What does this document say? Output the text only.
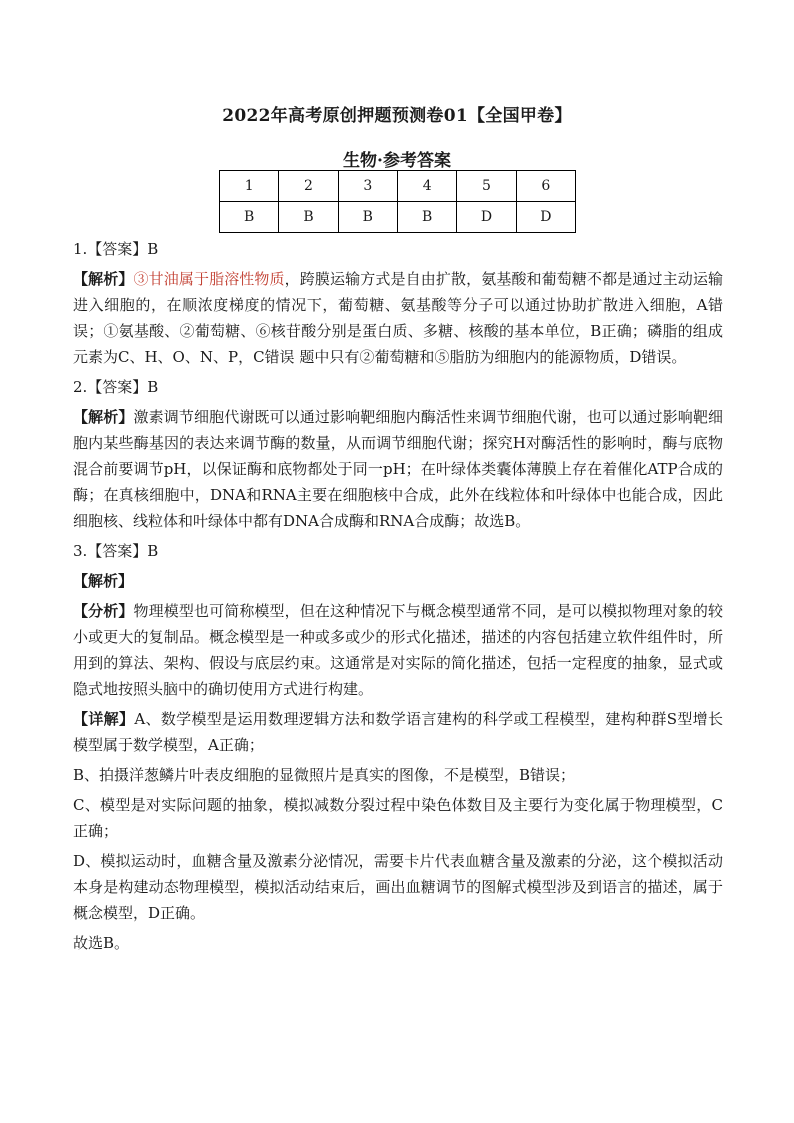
2022年高考原创押题预测卷01【全国甲卷】
生物·参考答案
1	2	3	4	5	6
B	B	B	B	D	D

1.【答案】B

【解析】③甘油属于脂溶性物质，跨膜运输方式是自由扩散，氨基酸和葡萄糖不都是通过主动运输进入细胞的，在顺浓度梯度的情况下，葡萄糖、氨基酸等分子可以通过协助扩散进入细胞，A错误；①氨基酸、②葡萄糖、⑥核苷酸分别是蛋白质、多糖、核酸的基本单位，B正确；磷脂的组成元素为C、H、O、N、P，C错误 题中只有②葡萄糖和⑤脂肪为细胞内的能源物质，D错误。

2.【答案】B

【解析】激素调节细胞代谢既可以通过影响靶细胞内酶活性来调节细胞代谢，也可以通过影响靶细胞内某些酶基因的表达来调节酶的数量，从而调节细胞代谢；探究H对酶活性的影响时，酶与底物混合前要调节pH，以保证酶和底物都处于同一pH；在叶绿体类囊体薄膜上存在着催化ATP合成的酶；在真核细胞中，DNA和RNA主要在细胞核中合成，此外在线粒体和叶绿体中也能合成，因此细胞核、线粒体和叶绿体中都有DNA合成酶和RNA合成酶；故选B。

3.【答案】B

【解析】

【分析】物理模型也可简称模型，但在这种情况下与概念模型通常不同，是可以模拟物理对象的较小或更大的复制品。概念模型是一种或多或少的形式化描述，描述的内容包括建立软件组件时，所用到的算法、架构、假设与底层约束。这通常是对实际的简化描述，包括一定程度的抽象，显式或隐式地按照头脑中的确切使用方式进行构建。

【详解】A、数学模型是运用数理逻辑方法和数学语言建构的科学或工程模型，建构种群S型增长模型属于数学模型，A正确；

B、拍摄洋葱鳞片叶表皮细胞的显微照片是真实的图像，不是模型，B错误；

C、模型是对实际问题的抽象，模拟减数分裂过程中染色体数目及主要行为变化属于物理模型，C正确；

D、模拟运动时，血糖含量及激素分泌情况，需要卡片代表血糖含量及激素的分泌，这个模拟活动本身是构建动态物理模型，模拟活动结束后，画出血糖调节的图解式模型涉及到语言的描述，属于概念模型，D正确。

故选B。
